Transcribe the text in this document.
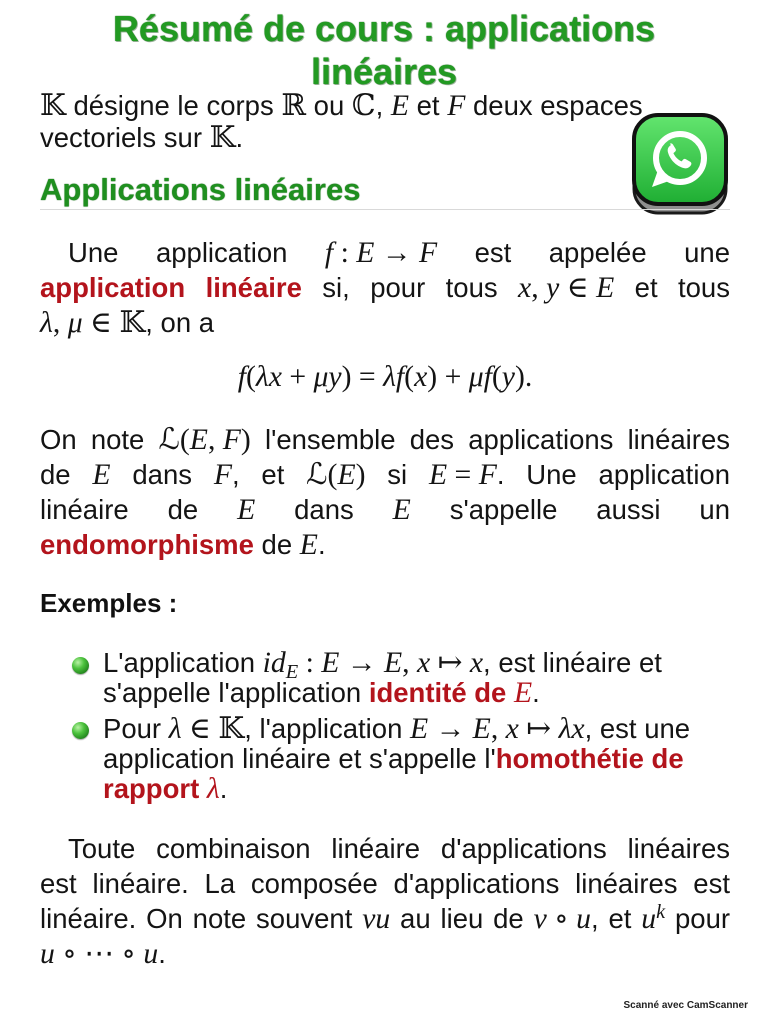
Résumé de cours : applications linéaires
𝕂 désigne le corps ℝ ou ℂ, E et F deux espaces
vectoriels sur 𝕂.
Applications linéaires
Une application f : E → F est appelée une
application linéaire si, pour tous x, y ∈ E et tous
λ, μ ∈ 𝕂, on a
f(λx + μy) = λf(x) + μf(y).
On note ℒ(E, F) l'ensemble des applications linéaires
de E dans F, et ℒ(E) si E = F. Une application
linéaire de E dans E s'appelle aussi un
endomorphisme de E.
Exemples :
L'application $id_E$ : E → E, x ↦ x, est linéaire et
s'appelle l'application identité de E.
Pour λ ∈ 𝕂, l'application E → E, x ↦ λx, est une
application linéaire et s'appelle l'homothétie de
rapport λ.
Toute combinaison linéaire d'applications linéaires
est linéaire. La composée d'applications linéaires est
linéaire. On note souvent vu au lieu de v ∘ u, et $u^k$ pour
u ∘ ⋯ ∘ u.
Scanné avec CamScanner
